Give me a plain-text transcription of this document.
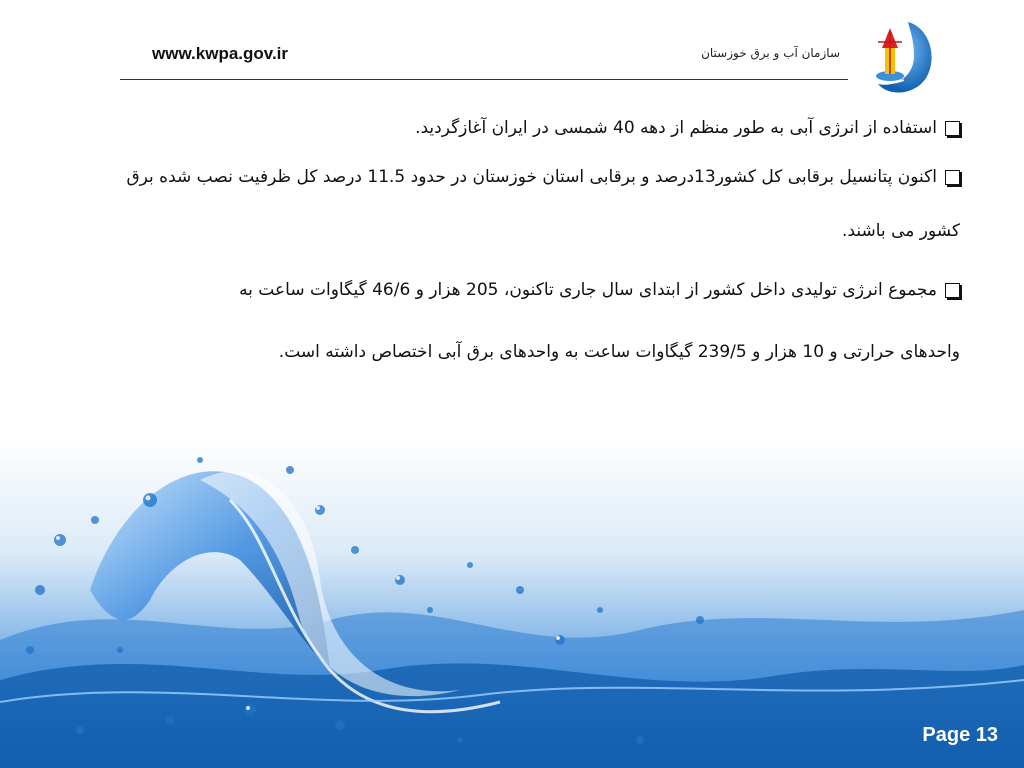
www.kwpa.gov.ir	سازمان آب و برق خوزستان

استفاده از انرژی آبی به طور منظم از دهه 40 شمسی در ایران آغازگردید.

اکنون پتانسیل برقابی کل کشور13درصد و برقابی استان خوزستان در حدود 11.5 درصد کل ظرفیت نصب شده برق کشور می باشند.

مجموع انرژی تولیدی داخل کشور از ابتدای سال جاری تاکنون، 205 هزار و 46/6 گیگاوات ساعت به

واحدهای حرارتی و 10 هزار و 239/5 گیگاوات ساعت به واحدهای برق آبی اختصاص داشته است.

Page 13
